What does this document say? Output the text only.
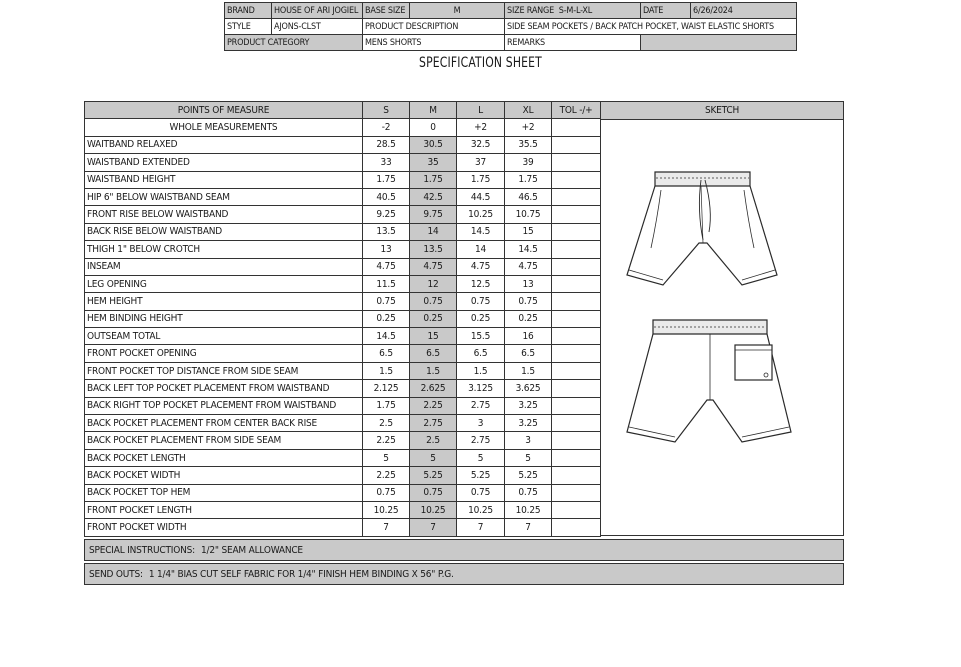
BRAND	HOUSE OF ARI JOGIEL	BASE SIZE	M	SIZE RANGE S-M-L-XL	DATE	6/26/2024
STYLE	AJONS-CLST	PRODUCT DESCRIPTION		SIDE SEAM POCKETS / BACK PATCH POCKET, WAIST ELASTIC SHORTS		
PRODUCT CATEGORY		MENS SHORTS		REMARKS		
SPECIFICATION SHEET
POINTS OF MEASURE	S	M	L	XL	TOL -/+
WHOLE MEASUREMENTS	-2	0	+2	+2	
WAITBAND RELAXED	28.5	30.5	32.5	35.5	
WAISTBAND EXTENDED	33	35	37	39	
WAISTBAND HEIGHT	1.75	1.75	1.75	1.75	
HIP 6" BELOW WAISTBAND SEAM	40.5	42.5	44.5	46.5	
FRONT RISE BELOW WAISTBAND	9.25	9.75	10.25	10.75	
BACK RISE BELOW WAISTBAND	13.5	14	14.5	15	
THIGH 1" BELOW CROTCH	13	13.5	14	14.5	
INSEAM	4.75	4.75	4.75	4.75	
LEG OPENING	11.5	12	12.5	13	
HEM HEIGHT	0.75	0.75	0.75	0.75	
HEM BINDING HEIGHT	0.25	0.25	0.25	0.25	
OUTSEAM TOTAL	14.5	15	15.5	16	
FRONT POCKET OPENING	6.5	6.5	6.5	6.5	
FRONT POCKET TOP DISTANCE FROM SIDE SEAM	1.5	1.5	1.5	1.5	
BACK LEFT TOP POCKET PLACEMENT FROM WAISTBAND	2.125	2.625	3.125	3.625	
BACK RIGHT TOP POCKET PLACEMENT FROM WAISTBAND	1.75	2.25	2.75	3.25	
BACK POCKET PLACEMENT FROM CENTER BACK RISE	2.5	2.75	3	3.25	
BACK POCKET PLACEMENT FROM SIDE SEAM	2.25	2.5	2.75	3	
BACK POCKET LENGTH	5	5	5	5	
BACK POCKET WIDTH	2.25	5.25	5.25	5.25	
BACK POCKET TOP HEM	0.75	0.75	0.75	0.75	
FRONT POCKET LENGTH	10.25	10.25	10.25	10.25	
FRONT POCKET WIDTH	7	7	7	7	
SKETCH
SPECIAL INSTRUCTIONS: 1/2" SEAM ALLOWANCE
SEND OUTS: 1 1/4" BIAS CUT SELF FABRIC FOR 1/4" FINISH HEM BINDING X 56" P.G.
